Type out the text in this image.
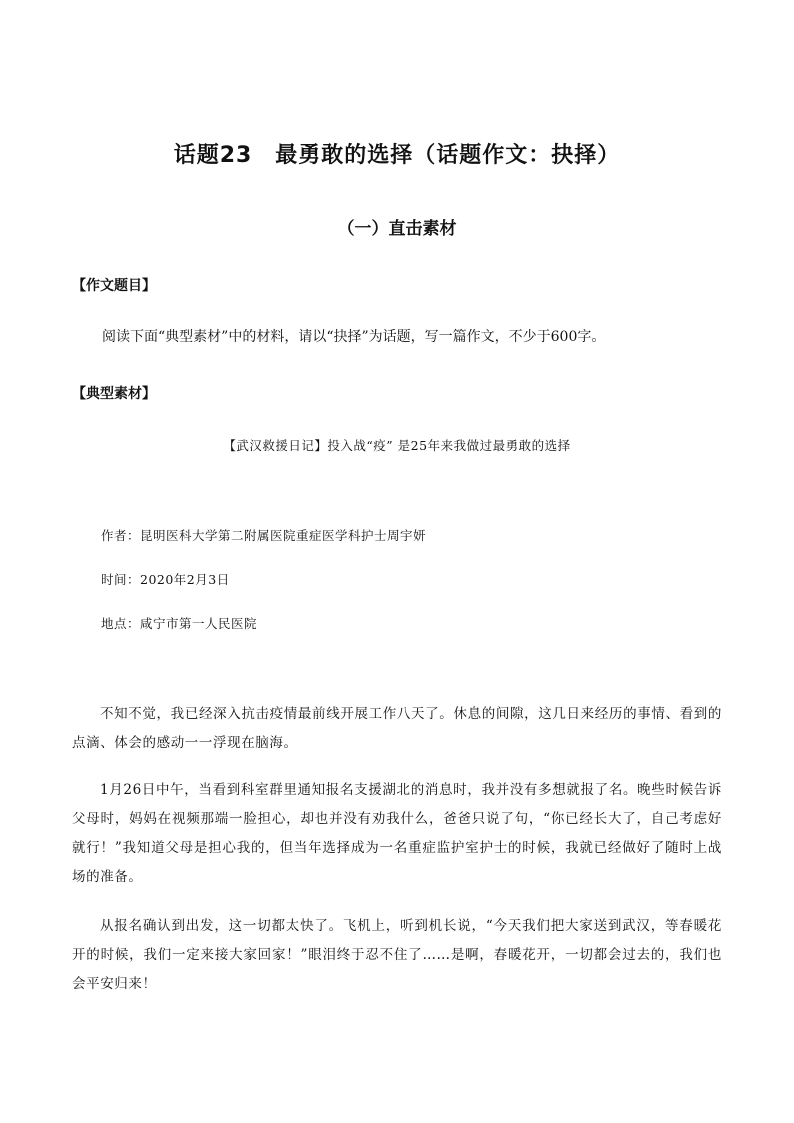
话题23　最勇敢的选择（话题作文：抉择）
（一）直击素材
【作文题目】
阅读下面“典型素材”中的材料，请以“抉择”为话题，写一篇作文，不少于600字。
【典型素材】
【武汉救援日记】投入战“疫” 是25年来我做过最勇敢的选择
作者：昆明医科大学第二附属医院重症医学科护士周宇妍
时间：2020年2月3日
地点：咸宁市第一人民医院
不知不觉，我已经深入抗击疫情最前线开展工作八天了。休息的间隙，这几日来经历的事情、看到的点滴、体会的感动一一浮现在脑海。
1月26日中午，当看到科室群里通知报名支援湖北的消息时，我并没有多想就报了名。晚些时候告诉父母时，妈妈在视频那端一脸担心，却也并没有劝我什么，爸爸只说了句，“你已经长大了，自己考虑好就行！”我知道父母是担心我的，但当年选择成为一名重症监护室护士的时候，我就已经做好了随时上战场的准备。
从报名确认到出发，这一切都太快了。飞机上，听到机长说，“今天我们把大家送到武汉，等春暖花开的时候，我们一定来接大家回家！”眼泪终于忍不住了……是啊，春暖花开，一切都会过去的，我们也会平安归来！
